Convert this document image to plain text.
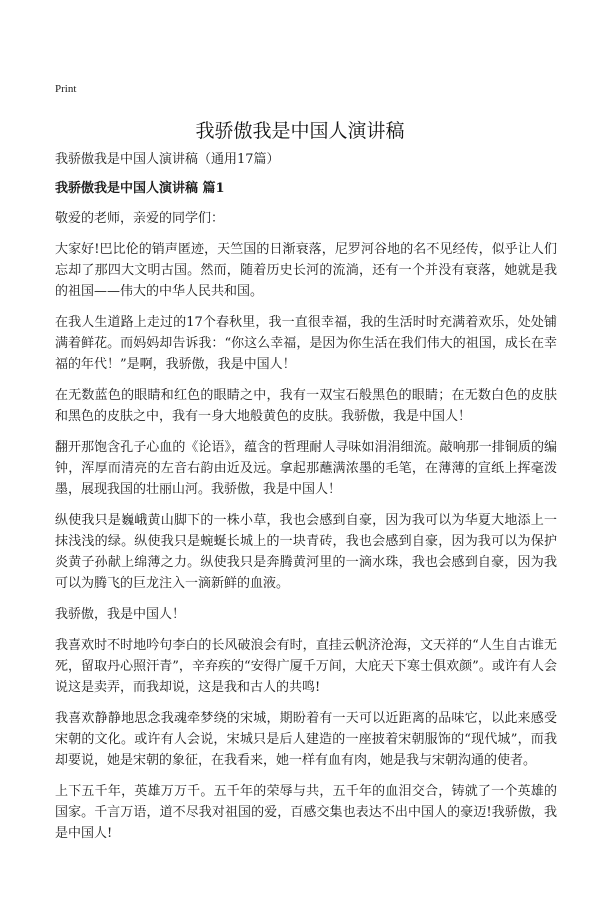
Print
我骄傲我是中国人演讲稿

我骄傲我是中国人演讲稿（通用17篇）

我骄傲我是中国人演讲稿 篇1

敬爱的老师，亲爱的同学们：

大家好!巴比伦的销声匿迹，天竺国的日渐衰落，尼罗河谷地的名不见经传，似乎让人们忘却了那四大文明古国。然而，随着历史长河的流淌，还有一个并没有衰落，她就是我的祖国——伟大的中华人民共和国。

在我人生道路上走过的17个春秋里，我一直很幸福，我的生活时时充满着欢乐，处处铺满着鲜花。而妈妈却告诉我：“你这么幸福，是因为你生活在我们伟大的祖国，成长在幸福的年代！”是啊，我骄傲，我是中国人！

在无数蓝色的眼睛和红色的眼睛之中，我有一双宝石般黑色的眼睛；在无数白色的皮肤和黑色的皮肤之中，我有一身大地般黄色的皮肤。我骄傲，我是中国人！

翻开那饱含孔子心血的《论语》，蕴含的哲理耐人寻味如涓涓细流。敲响那一排铜质的编钟，浑厚而清亮的左音右韵由近及远。拿起那蘸满浓墨的毛笔，在薄薄的宣纸上挥毫泼墨，展现我国的壮丽山河。我骄傲，我是中国人！

纵使我只是巍峨黄山脚下的一株小草，我也会感到自豪，因为我可以为华夏大地添上一抹浅浅的绿。纵使我只是蜿蜒长城上的一块青砖，我也会感到自豪，因为我可以为保护炎黄子孙献上绵薄之力。纵使我只是奔腾黄河里的一滴水珠，我也会感到自豪，因为我可以为腾飞的巨龙注入一滴新鲜的血液。

我骄傲，我是中国人！

我喜欢时不时地吟句李白的长风破浪会有时，直挂云帆济沧海，文天祥的“人生自古谁无死，留取丹心照汗青”，辛弃疾的“安得广厦千万间，大庇天下寒士俱欢颜”。或许有人会说这是卖弄，而我却说，这是我和古人的共鸣!

我喜欢静静地思念我魂牵梦绕的宋城，期盼着有一天可以近距离的品味它，以此来感受宋朝的文化。或许有人会说，宋城只是后人建造的一座披着宋朝服饰的“现代城”，而我却要说，她是宋朝的象征，在我看来，她一样有血有肉，她是我与宋朝沟通的使者。

上下五千年，英雄万万千。五千年的荣辱与共，五千年的血泪交合，铸就了一个英雄的国家。千言万语，道不尽我对祖国的爱，百感交集也表达不出中国人的豪迈!我骄傲，我是中国人!
